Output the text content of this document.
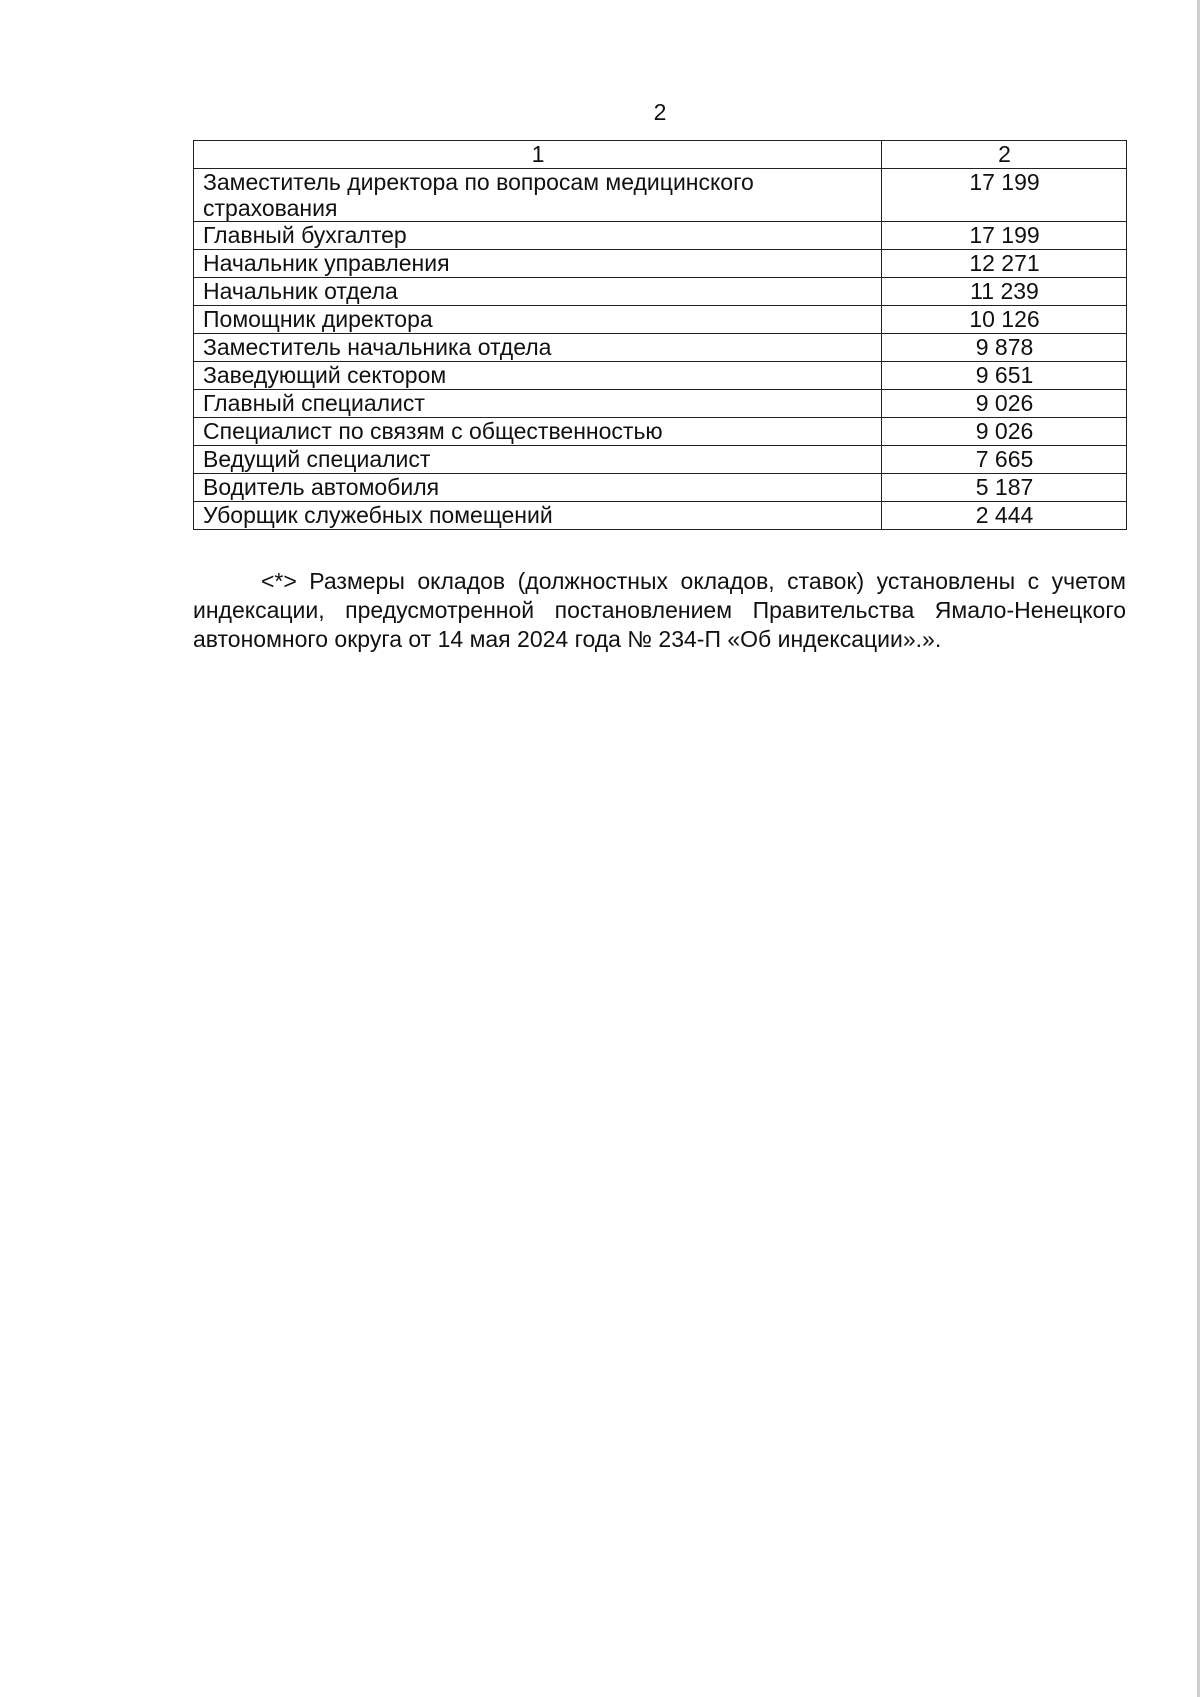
2
1	2
Заместитель директора по вопросам медицинского страхования	17 199
Главный бухгалтер	17 199
Начальник управления	12 271
Начальник отдела	11 239
Помощник директора	10 126
Заместитель начальника отдела	9 878
Заведующий сектором	9 651
Главный специалист	9 026
Специалист по связям с общественностью	9 026
Ведущий специалист	7 665
Водитель автомобиля	5 187
Уборщик служебных помещений	2 444

<*> Размеры окладов (должностных окладов, ставок) установлены с учетом индексации, предусмотренной постановлением Правительства Ямало-Ненецкого автономного округа от 14 мая 2024 года № 234-П «Об индексации».».
